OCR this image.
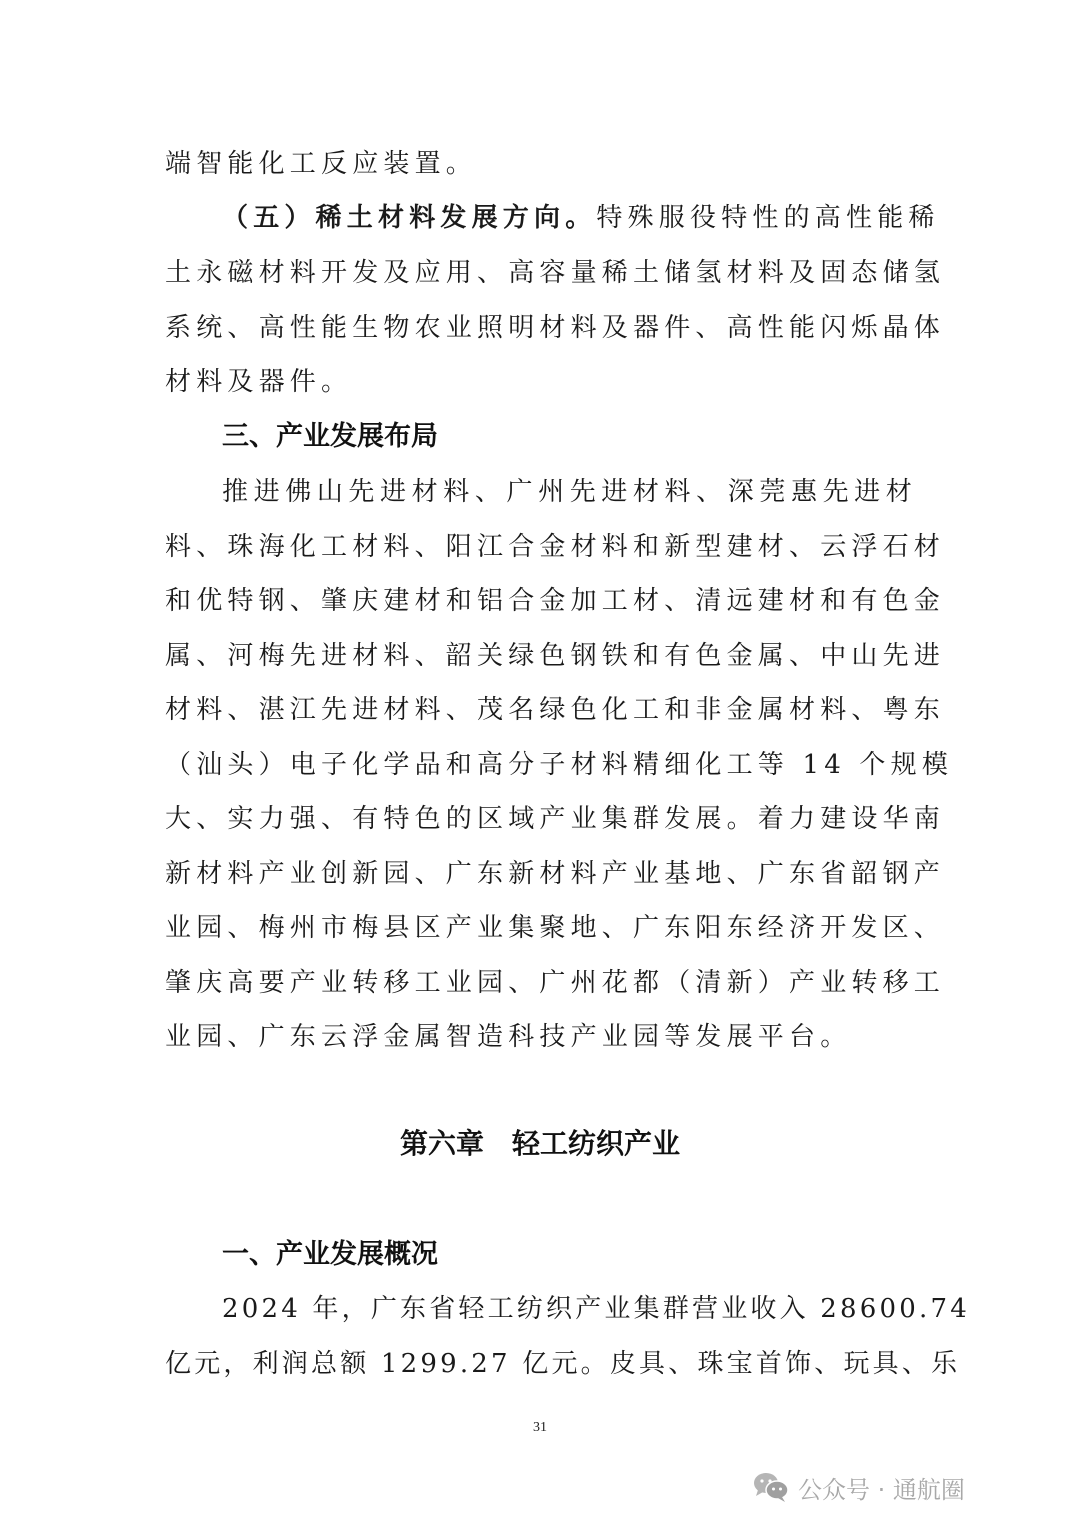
端智能化工反应装置。
（五）稀土材料发展方向。特殊服役特性的高性能稀
土永磁材料开发及应用、高容量稀土储氢材料及固态储氢
系统、高性能生物农业照明材料及器件、高性能闪烁晶体
材料及器件。
三、产业发展布局
推进佛山先进材料、广州先进材料、深莞惠先进材
料、珠海化工材料、阳江合金材料和新型建材、云浮石材
和优特钢、肇庆建材和铝合金加工材、清远建材和有色金
属、河梅先进材料、韶关绿色钢铁和有色金属、中山先进
材料、湛江先进材料、茂名绿色化工和非金属材料、粤东
（汕头）电子化学品和高分子材料精细化工等 14 个规模
大、实力强、有特色的区域产业集群发展。着力建设华南
新材料产业创新园、广东新材料产业基地、广东省韶钢产
业园、梅州市梅县区产业集聚地、广东阳东经济开发区、
肇庆高要产业转移工业园、广州花都（清新）产业转移工
业园、广东云浮金属智造科技产业园等发展平台。
第六章　轻工纺织产业
一、产业发展概况
2024 年，广东省轻工纺织产业集群营业收入 28600.74
亿元，利润总额 1299.27 亿元。皮具、珠宝首饰、玩具、乐
31
公众号 · 通航圈
